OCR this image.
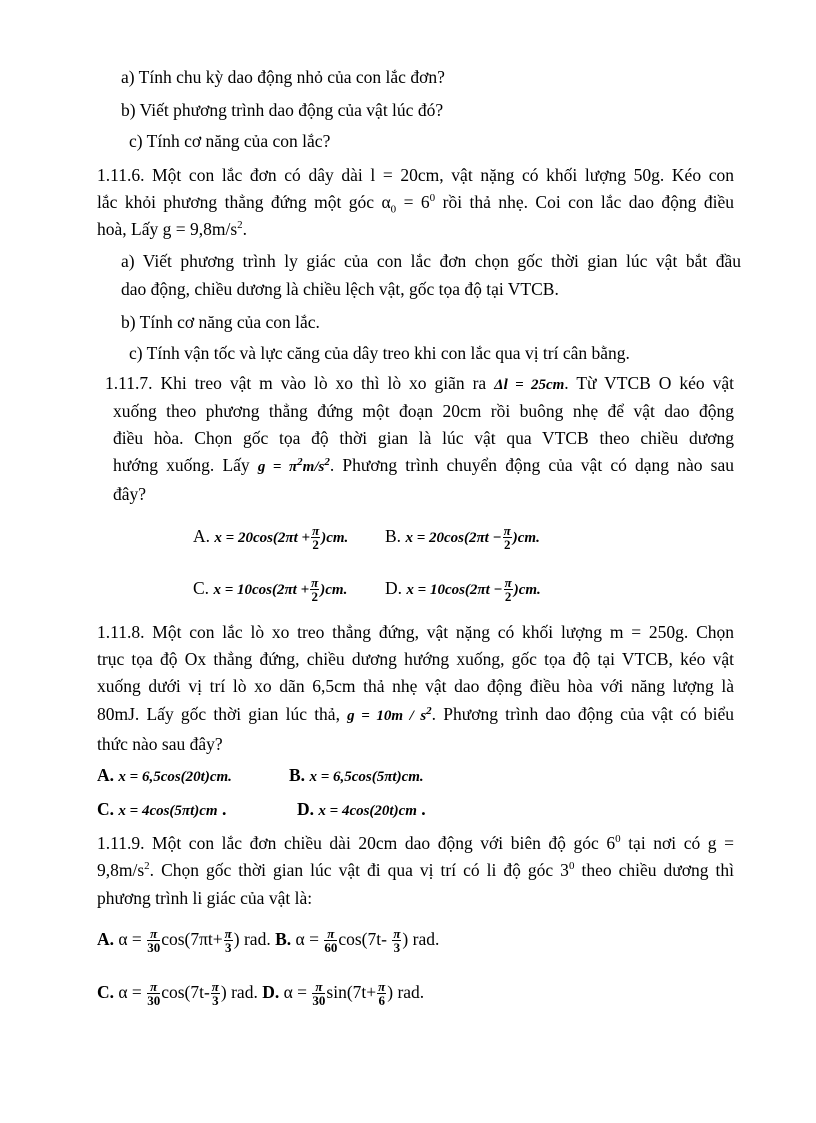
a) Tính chu kỳ dao động nhỏ của con lắc đơn?
b) Viết phương trình dao động của vật lúc đó?
c) Tính cơ năng của con lắc?
1.11.6. Một con lắc đơn có dây dài l = 20cm, vật nặng có khối lượng 50g. Kéo con
lắc khỏi phương thẳng đứng một góc $\alpha_0 = 6^0$ rồi thả nhẹ. Coi con lắc dao động điều
hoà, Lấy $g = 9,8m/s^2$.
a) Viết phương trình ly giác của con lắc đơn chọn gốc thời gian lúc vật bắt đầu
dao động, chiều dương là chiều lệch vật, gốc tọa độ tại VTCB.
b) Tính cơ năng của con lắc.
c) Tính vận tốc và lực căng của dây treo khi con lắc qua vị trí cân bằng.
1.11.7. Khi treo vật m vào lò xo thì lò xo giãn ra Δl = 25cm. Từ VTCB O kéo vật
xuống theo phương thẳng đứng một đoạn 20cm rồi buông nhẹ để vật dao động
điều hòa. Chọn gốc tọa độ thời gian là lúc vật qua VTCB theo chiều dương
hướng xuống. Lấy $g = \pi^2m/s^2$. Phương trình chuyển động của vật có dạng nào sau
đây?
A. $x = 20\cos(2\pi t + \frac{\pi}{2} )cm$. B. $x = 20\cos(2\pi t - \frac{\pi}{2} )cm$.
C. $x = 10\cos(2\pi t + \frac{\pi}{2} )cm$. D. $x = 10\cos(2\pi t - \frac{\pi}{2} )cm$.
1.11.8. Một con lắc lò xo treo thẳng đứng, vật nặng có khối lượng m = 250g. Chọn
trục tọa độ Ox thẳng đứng, chiều dương hướng xuống, gốc tọa độ tại VTCB, kéo vật
xuống dưới vị trí lò xo dãn 6,5cm thả nhẹ vật dao động điều hòa với năng lượng là
80mJ. Lấy gốc thời gian lúc thả, $g = 10m / s^2$. Phương trình dao động của vật có biểu
thức nào sau đây?
A. x = 6,5cos(20t)cm.	B. x = 6,5cos(5πt)cm.
C. x = 4cos(5πt)cm .	D. x = 4cos(20t)cm .
1.11.9. Một con lắc đơn chiều dài 20cm dao động với biên độ góc $6^0$ tại nơi có g =
$9,8m/s^2$. Chọn gốc thời gian lúc vật đi qua vị trí có li độ góc $3^0$ theo chiều dương thì
phương trình li giác của vật là:
A. $\alpha = \frac{\pi}{30} \cos(7\pi t+ \frac{\pi}{3}$ ) rad. B. $\alpha = \frac{\pi}{60} \cos(7t- \frac{\pi}{3}$ ) rad.
C. $\alpha = \frac{\pi}{30} \cos(7t- \frac{\pi}{3}$ ) rad. D. $\alpha = \frac{\pi}{30} \sin(7t+ \frac{\pi}{6}$ ) rad.
